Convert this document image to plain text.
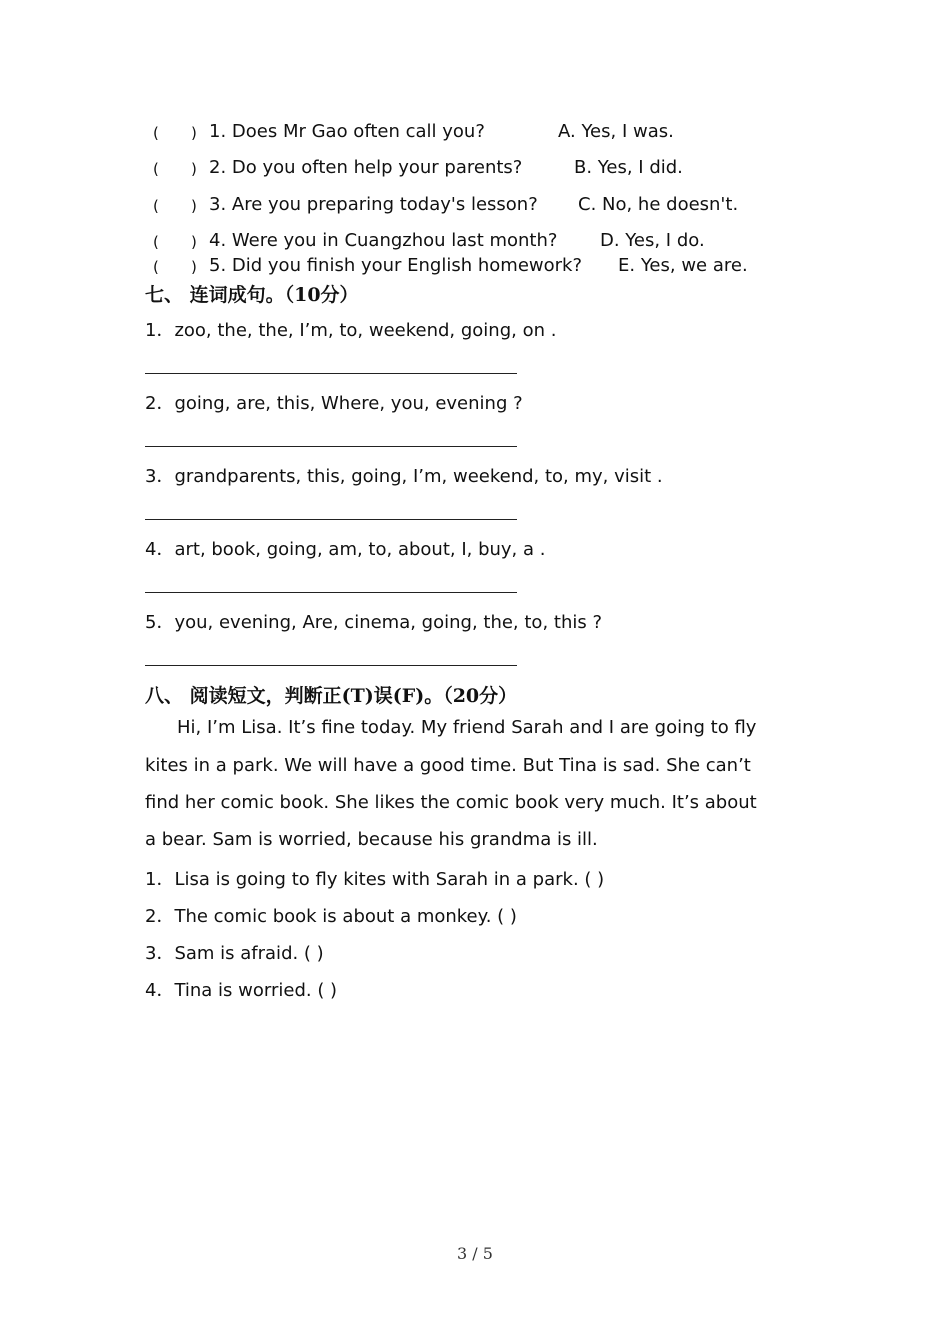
( ) 1. Does Mr Gao often call you?	A. Yes, I was.
( ) 2. Do you often help your parents?	B. Yes, I did.
( ) 3. Are you preparing today's lesson? C. No, he doesn't.
( ) 4. Were you in Cuangzhou last month? D. Yes, I do.
( ) 5. Did you finish your English homework? E. Yes, we are.
七、 连词成句。（10分）
1．zoo, the, the, I’m, to, weekend, going, on .
2．going, are, this, Where, you, evening ?
3．grandparents, this, going, I’m, weekend, to, my, visit .
4．art, book, going, am, to, about, I, buy, a .
5．you, evening, Are, cinema, going, the, to, this ?
八、 阅读短文，判断正(T)误(F)。（20分）
Hi, I’m Lisa. It’s fine today. My friend Sarah and I are going to fly
kites in a park. We will have a good time. But Tina is sad. She can’t
find her comic book. She likes the comic book very much. It’s about
a bear. Sam is worried, because his grandma is ill.
1．Lisa is going to fly kites with Sarah in a park. ( )
2．The comic book is about a monkey. ( )
3．Sam is afraid. ( )
4．Tina is worried. ( )
3 / 5
